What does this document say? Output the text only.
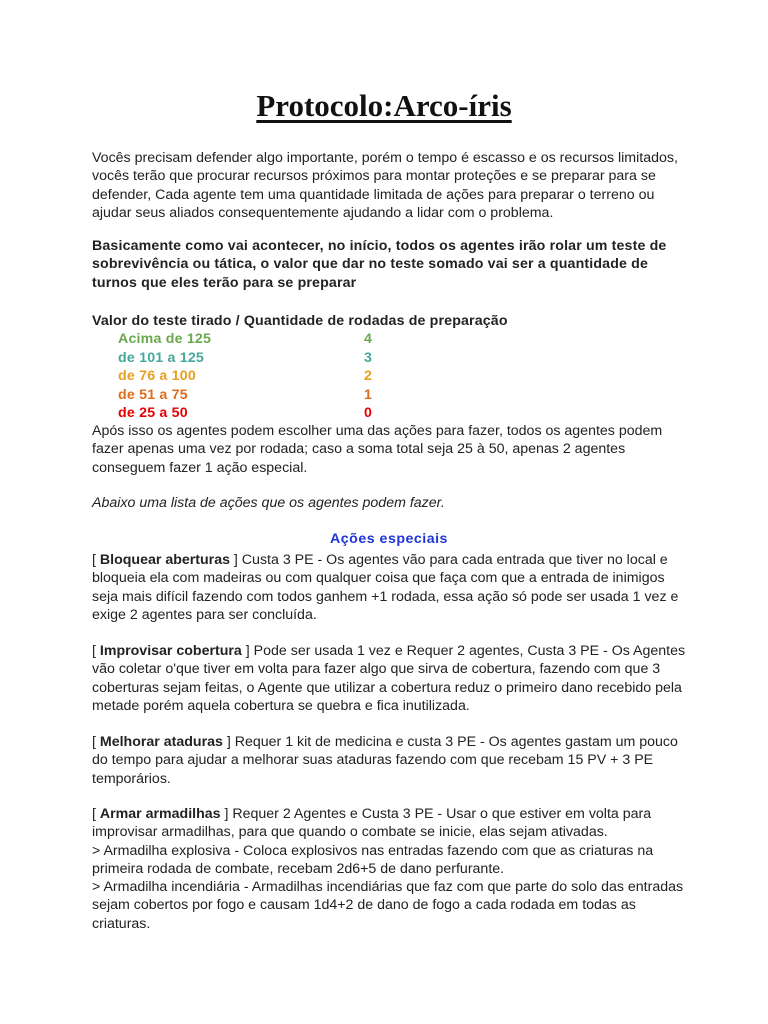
Protocolo:Arco-íris

Vocês precisam defender algo importante, porém o tempo é escasso e os recursos limitados, vocês terão que procurar recursos próximos para montar proteções e se preparar para se defender, Cada agente tem uma quantidade limitada de ações para preparar o terreno ou ajudar seus aliados consequentemente ajudando a lidar com o problema.

Basicamente como vai acontecer, no início, todos os agentes irão rolar um teste de sobrevivência ou tática, o valor que dar no teste somado vai ser a quantidade de turnos que eles terão para se preparar

Valor do teste tirado / Quantidade de rodadas de preparação
Acima de 125	4
de 101 a 125	3
de 76 a 100	2
de 51 a 75	1
de 25 a 50	0

Após isso os agentes podem escolher uma das ações para fazer, todos os agentes podem fazer apenas uma vez por rodada; caso a soma total seja 25 à 50, apenas 2 agentes conseguem fazer 1 ação especial.

Abaixo uma lista de ações que os agentes podem fazer.

Ações especiais

[ Bloquear aberturas ] Custa 3 PE - Os agentes vão para cada entrada que tiver no local e bloqueia ela com madeiras ou com qualquer coisa que faça com que a entrada de inimigos seja mais difícil fazendo com todos ganhem +1 rodada, essa ação só pode ser usada 1 vez e exige 2 agentes para ser concluída.

[ Improvisar cobertura ] Pode ser usada 1 vez e Requer 2 agentes, Custa 3 PE - Os Agentes vão coletar o'que tiver em volta para fazer algo que sirva de cobertura, fazendo com que 3 coberturas sejam feitas, o Agente que utilizar a cobertura reduz o primeiro dano recebido pela metade porém aquela cobertura se quebra e fica inutilizada.

[ Melhorar ataduras ] Requer 1 kit de medicina e custa 3 PE - Os agentes gastam um pouco do tempo para ajudar a melhorar suas ataduras fazendo com que recebam 15 PV + 3 PE temporários.

[ Armar armadilhas ] Requer 2 Agentes e Custa 3 PE - Usar o que estiver em volta para improvisar armadilhas, para que quando o combate se inicie, elas sejam ativadas.

> Armadilha explosiva - Coloca explosivos nas entradas fazendo com que as criaturas na primeira rodada de combate, recebam 2d6+5 de dano perfurante.

> Armadilha incendiária - Armadilhas incendiárias que faz com que parte do solo das entradas sejam cobertos por fogo e causam 1d4+2 de dano de fogo a cada rodada em todas as criaturas.
